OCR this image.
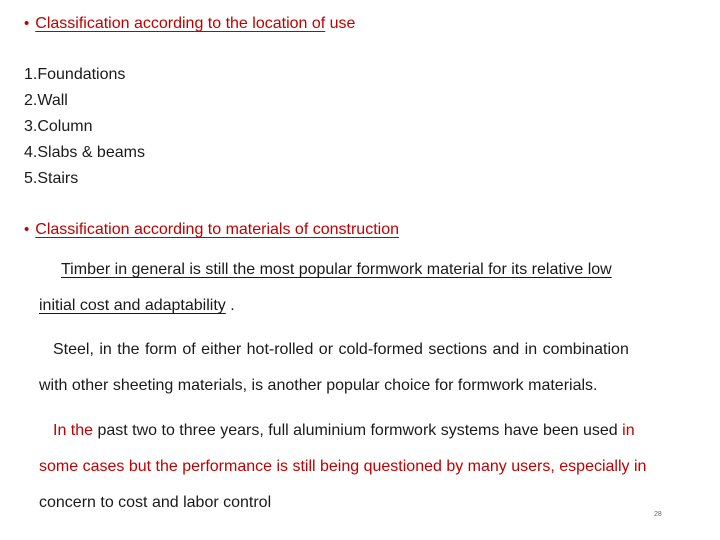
• Classification according to the location of use
1.Foundations
2.Wall
3.Column
4.Slabs & beams
5.Stairs
• Classification according to materials of construction
Timber in general is still the most popular formwork material for its relative low
initial cost and adaptability .
Steel, in the form of either hot-rolled or cold-formed sections and in combination
with other sheeting materials, is another popular choice for formwork materials.
In the past two to three years, full aluminium formwork systems have been used in
some cases but the performance is still being questioned by many users, especially in
concern to cost and labor control
28
